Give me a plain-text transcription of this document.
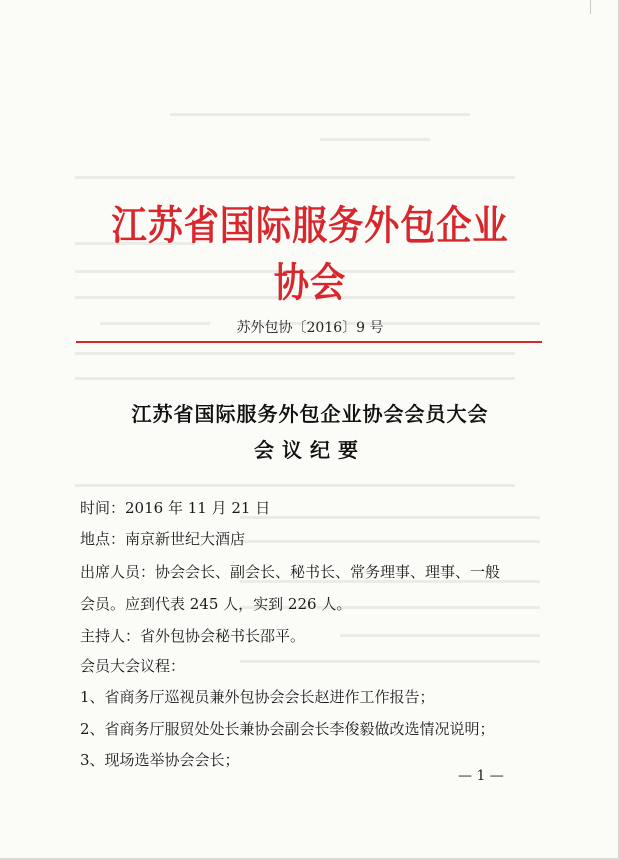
江苏省国际服务外包企业协会
苏外包协〔2016〕9 号
江苏省国际服务外包企业协会会员大会
会议纪要
时间：2016 年 11 月 21 日
地点：南京新世纪大酒店
出席人员：协会会长、副会长、秘书长、常务理事、理事、一般
会员。应到代表 245 人，实到 226 人。
主持人：省外包协会秘书长邵平。
会员大会议程：
1、省商务厅巡视员兼外包协会会长赵进作工作报告；
2、省商务厅服贸处处长兼协会副会长李俊毅做改选情况说明；
3、现场选举协会会长；
— 1 —
